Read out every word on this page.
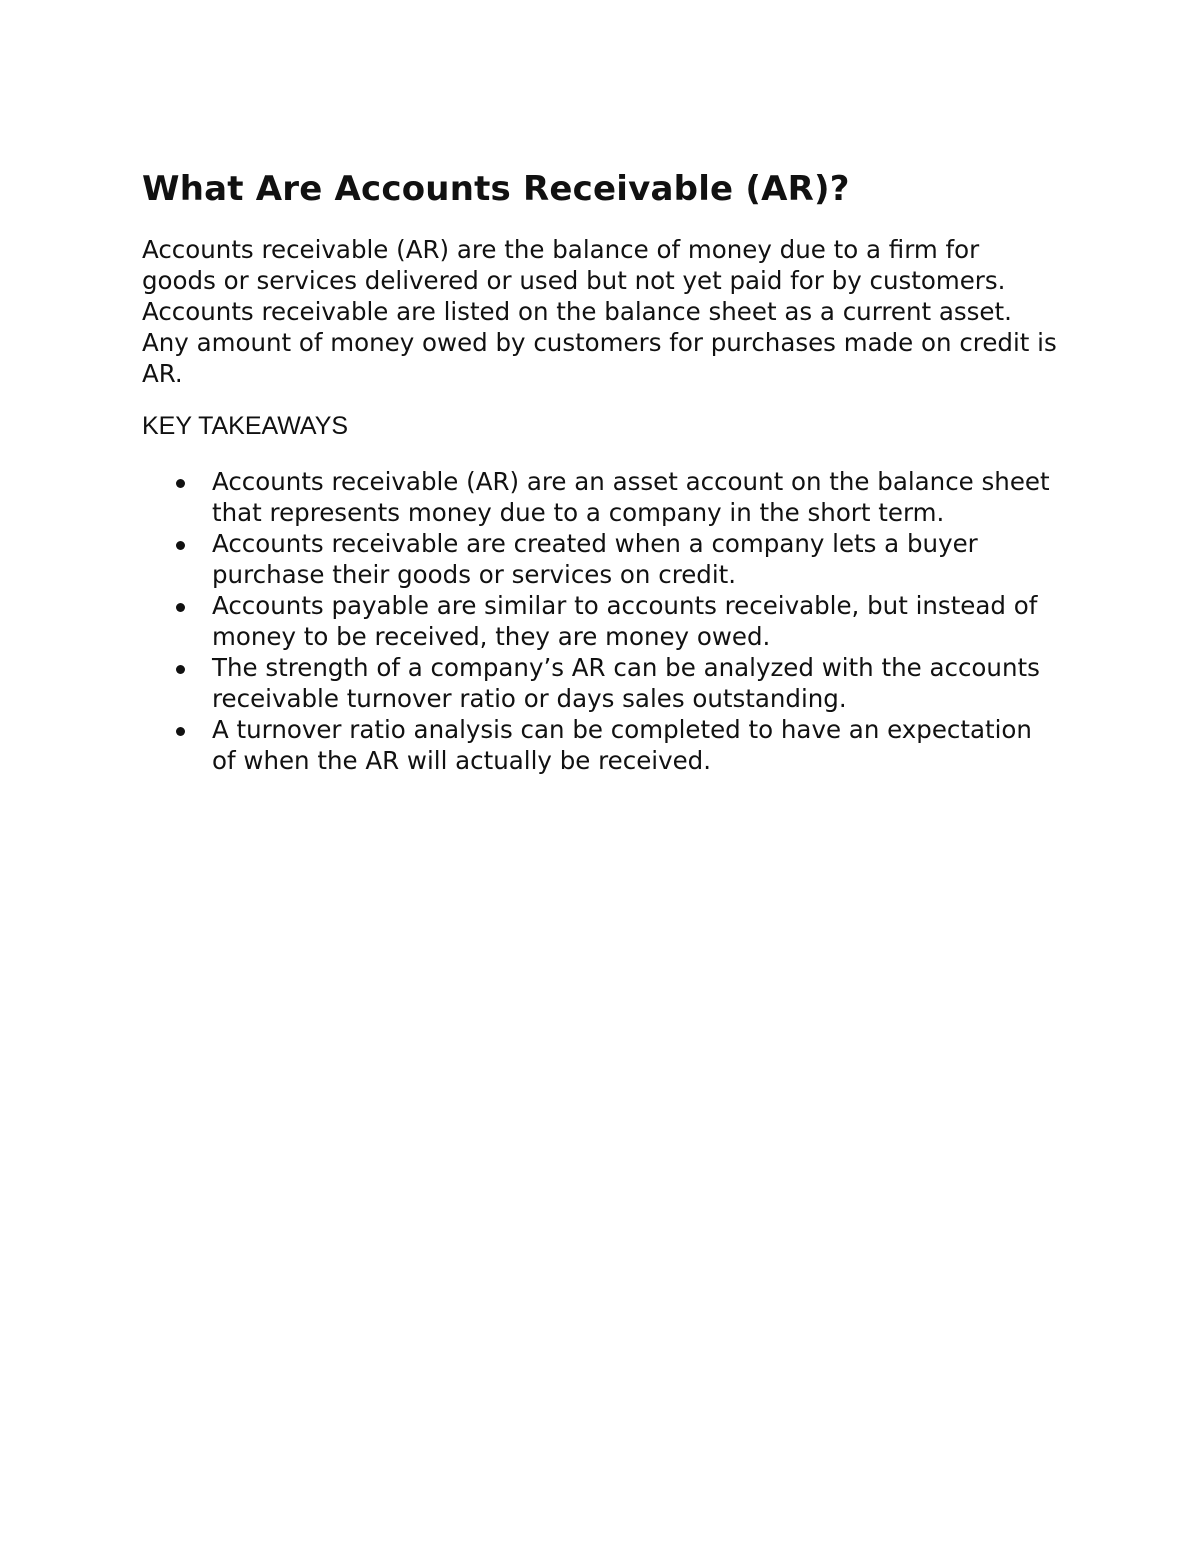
What Are Accounts Receivable (AR)?

Accounts receivable (AR) are the balance of money due to a firm for goods or services delivered or used but not yet paid for by customers. Accounts receivable are listed on the balance sheet as a current asset. Any amount of money owed by customers for purchases made on credit is AR.

KEY TAKEAWAYS
Accounts receivable (AR) are an asset account on the balance sheet that represents money due to a company in the short term.
Accounts receivable are created when a company lets a buyer purchase their goods or services on credit.
Accounts payable are similar to accounts receivable, but instead of money to be received, they are money owed.
The strength of a company’s AR can be analyzed with the accounts receivable turnover ratio or days sales outstanding.
A turnover ratio analysis can be completed to have an expectation of when the AR will actually be received.
